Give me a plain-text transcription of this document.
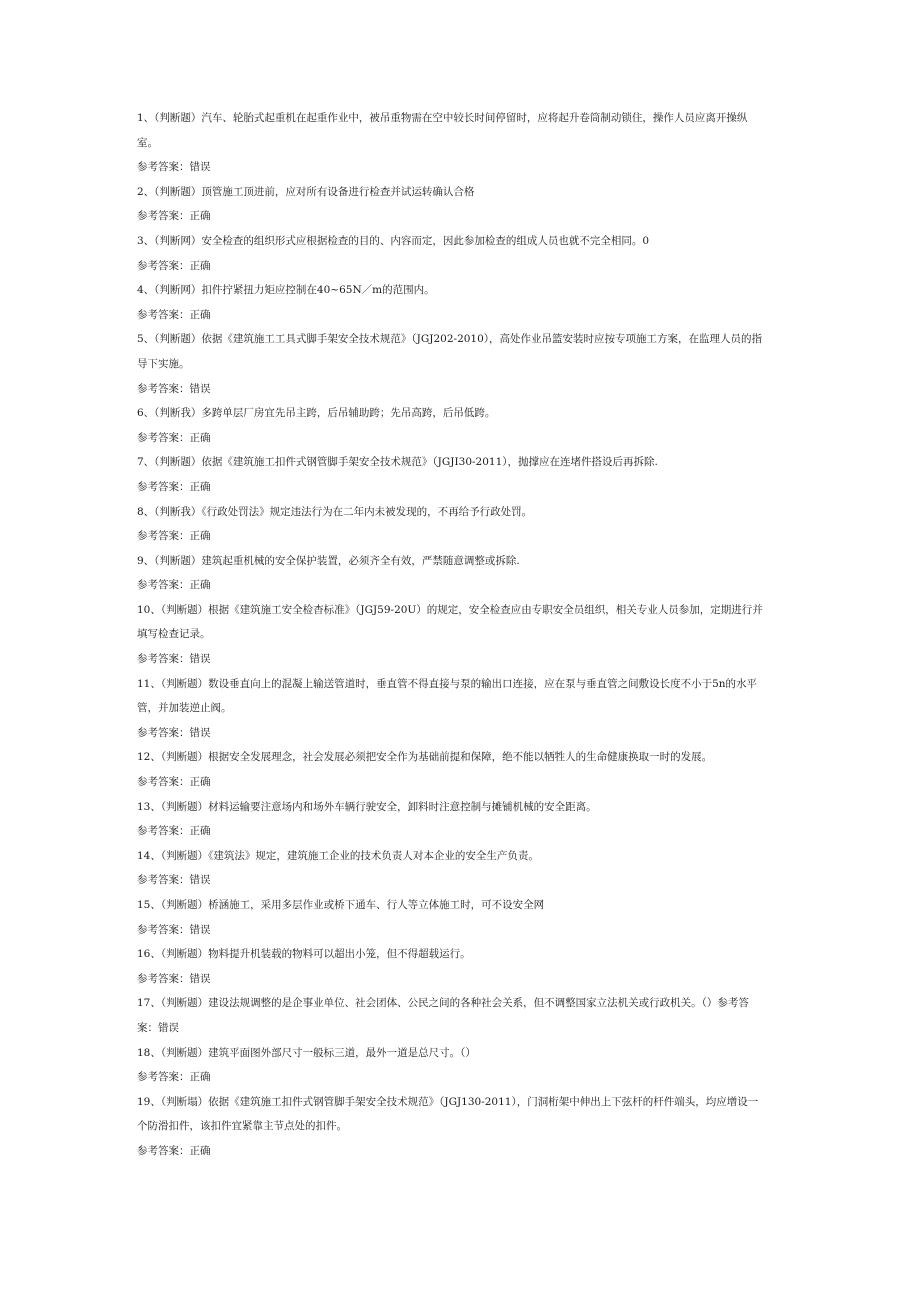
1、（判断题）汽车、轮胎式起重机在起重作业中，被吊重物需在空中较长时间停留时，应将起升卷筒制动锁住，操作人员应离开操纵
室。
参考答案：错误
2、（判断题）顶管施工顶进前，应对所有设备进行检查并试运转确认合格
参考答案：正确
3、（判断网）安全检查的组织形式应根据检查的目的、内容而定，因此参加检查的组成人员也就不完全相同。0
参考答案：正确
4、（判断网）扣件拧紧扭力矩应控制在40~65N／m的范围内。
参考答案：正确
5、（判断题）依据《建筑施工工具式脚手架安全技术规范》（JGJ202-2010），高处作业吊篮安装时应按专项施工方案，在监理人员的指
导下实施。
参考答案：错误
6、（判断我）多跨单层厂房宜先吊主跨，后吊辅助跨；先吊高跨，后吊低跨。
参考答案：正确
7、（判断题）依据《建筑施工扣件式钢管脚手架安全技术规范》（JGJI30-2011），抛撑应在连堵件搭设后再拆除.
参考答案：正确
8、（判断我）《行政处罚法》规定违法行为在二年内未被发现的，不再给予行政处罚。
参考答案：正确
9、（判断题）建筑起重机械的安全保护装置，必须齐全有效，严禁随意调整或拆除.
参考答案：正确
10、（判断题）根据《建筑施工安全检杳标准》（JGJ59-20U）的规定，安全检查应由专职安全员组织，相关专业人员参加，定期进行并
填写检查记录。
参考答案：错误
11、（判断题）数设垂直向上的混凝上输送管道时，垂直管不得直接与泵的输出口连接，应在泵与垂直管之间敷设长度不小于5n的水平
管，并加装逆止阀。
参考答案：错误
12、（判断题）根据安全发展理念，社会发展必须把安全作为基础前提和保障，绝不能以牺牲人的生命健康换取一时的发展。
参考答案：正确
13、（判断题）材料运输要注意场内和场外车辆行驶安全，卸料时注意控制与摊铺机械的安全距离。
参考答案：正确
14、（判断题）《建筑法》规定，建筑施工企业的技术负责人对本企业的安全生产负责。
参考答案：错误
15、（判断题）桥涵施工，采用多层作业或桥下通车、行人等立体施工时，可不设安全网
参考答案：错误
16、（判断题）物料提升机装载的物料可以超出小笼，但不得超载运行。
参考答案：错误
17、（判断题）建设法规调整的是企事业单位、社会团体、公民之间的各种社会关系，但不调整国家立法机关或行政机关。（）参考答
案：错误
18、（判断题）建筑平面图外部尺寸一般标三道，最外一道是总尺寸。（）
参考答案：正确
19、（判断塌）依据《建筑施工扣件式钢管脚手架安全技术规范》（JGJ130-2011），门洞桁架中伸出上下弦杆的杆件端头，均应增设一
个防滑扣件，该扣件宜紧靠主节点处的扣件。
参考答案：正确
